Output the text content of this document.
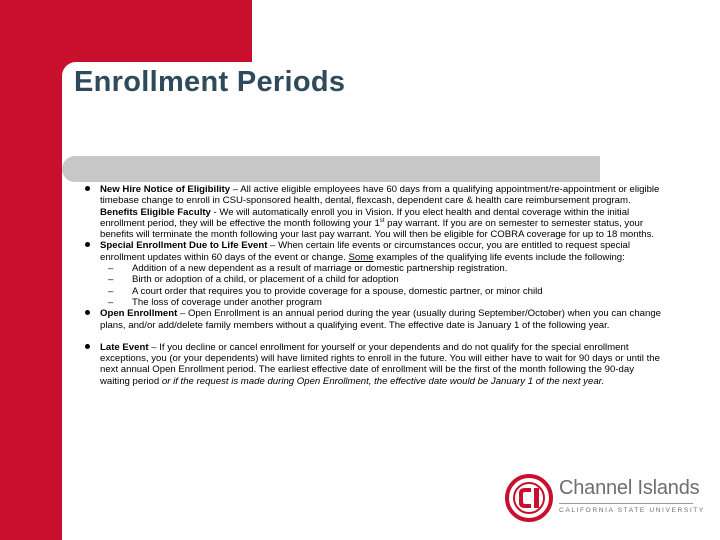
Enrollment Periods
New Hire Notice of Eligibility – All active eligible employees have 60 days from a qualifying appointment/re-appointment or eligible timebase change to enroll in CSU-sponsored health, dental, flexcash, dependent care & health care reimbursement program. Benefits Eligible Faculty - We will automatically enroll you in Vision. If you elect health and dental coverage within the initial enrollment period, they will be effective the month following your 1st pay warrant. If you are on semester to semester status, your benefits will terminate the month following your last pay warrant. You will then be eligible for COBRA coverage for up to 18 months.
Special Enrollment Due to Life Event – When certain life events or circumstances occur, you are entitled to request special enrollment updates within 60 days of the event or change. Some examples of the qualifying life events include the following:
– Addition of a new dependent as a result of marriage or domestic partnership registration.
– Birth or adoption of a child, or placement of a child for adoption
– A court order that requires you to provide coverage for a spouse, domestic partner, or minor child
– The loss of coverage under another program
Open Enrollment – Open Enrollment is an annual period during the year (usually during September/October) when you can change plans, and/or add/delete family members without a qualifying event. The effective date is January 1 of the following year.
Late Event – If you decline or cancel enrollment for yourself or your dependents and do not qualify for the special enrollment exceptions, you (or your dependents) will have limited rights to enroll in the future. You will either have to wait for 90 days or until the next annual Open Enrollment period. The earliest effective date of enrollment will be the first of the month following the 90-day waiting period or if the request is made during Open Enrollment, the effective date would be January 1 of the next year.
Channel Islands
CALIFORNIA STATE UNIVERSITY
